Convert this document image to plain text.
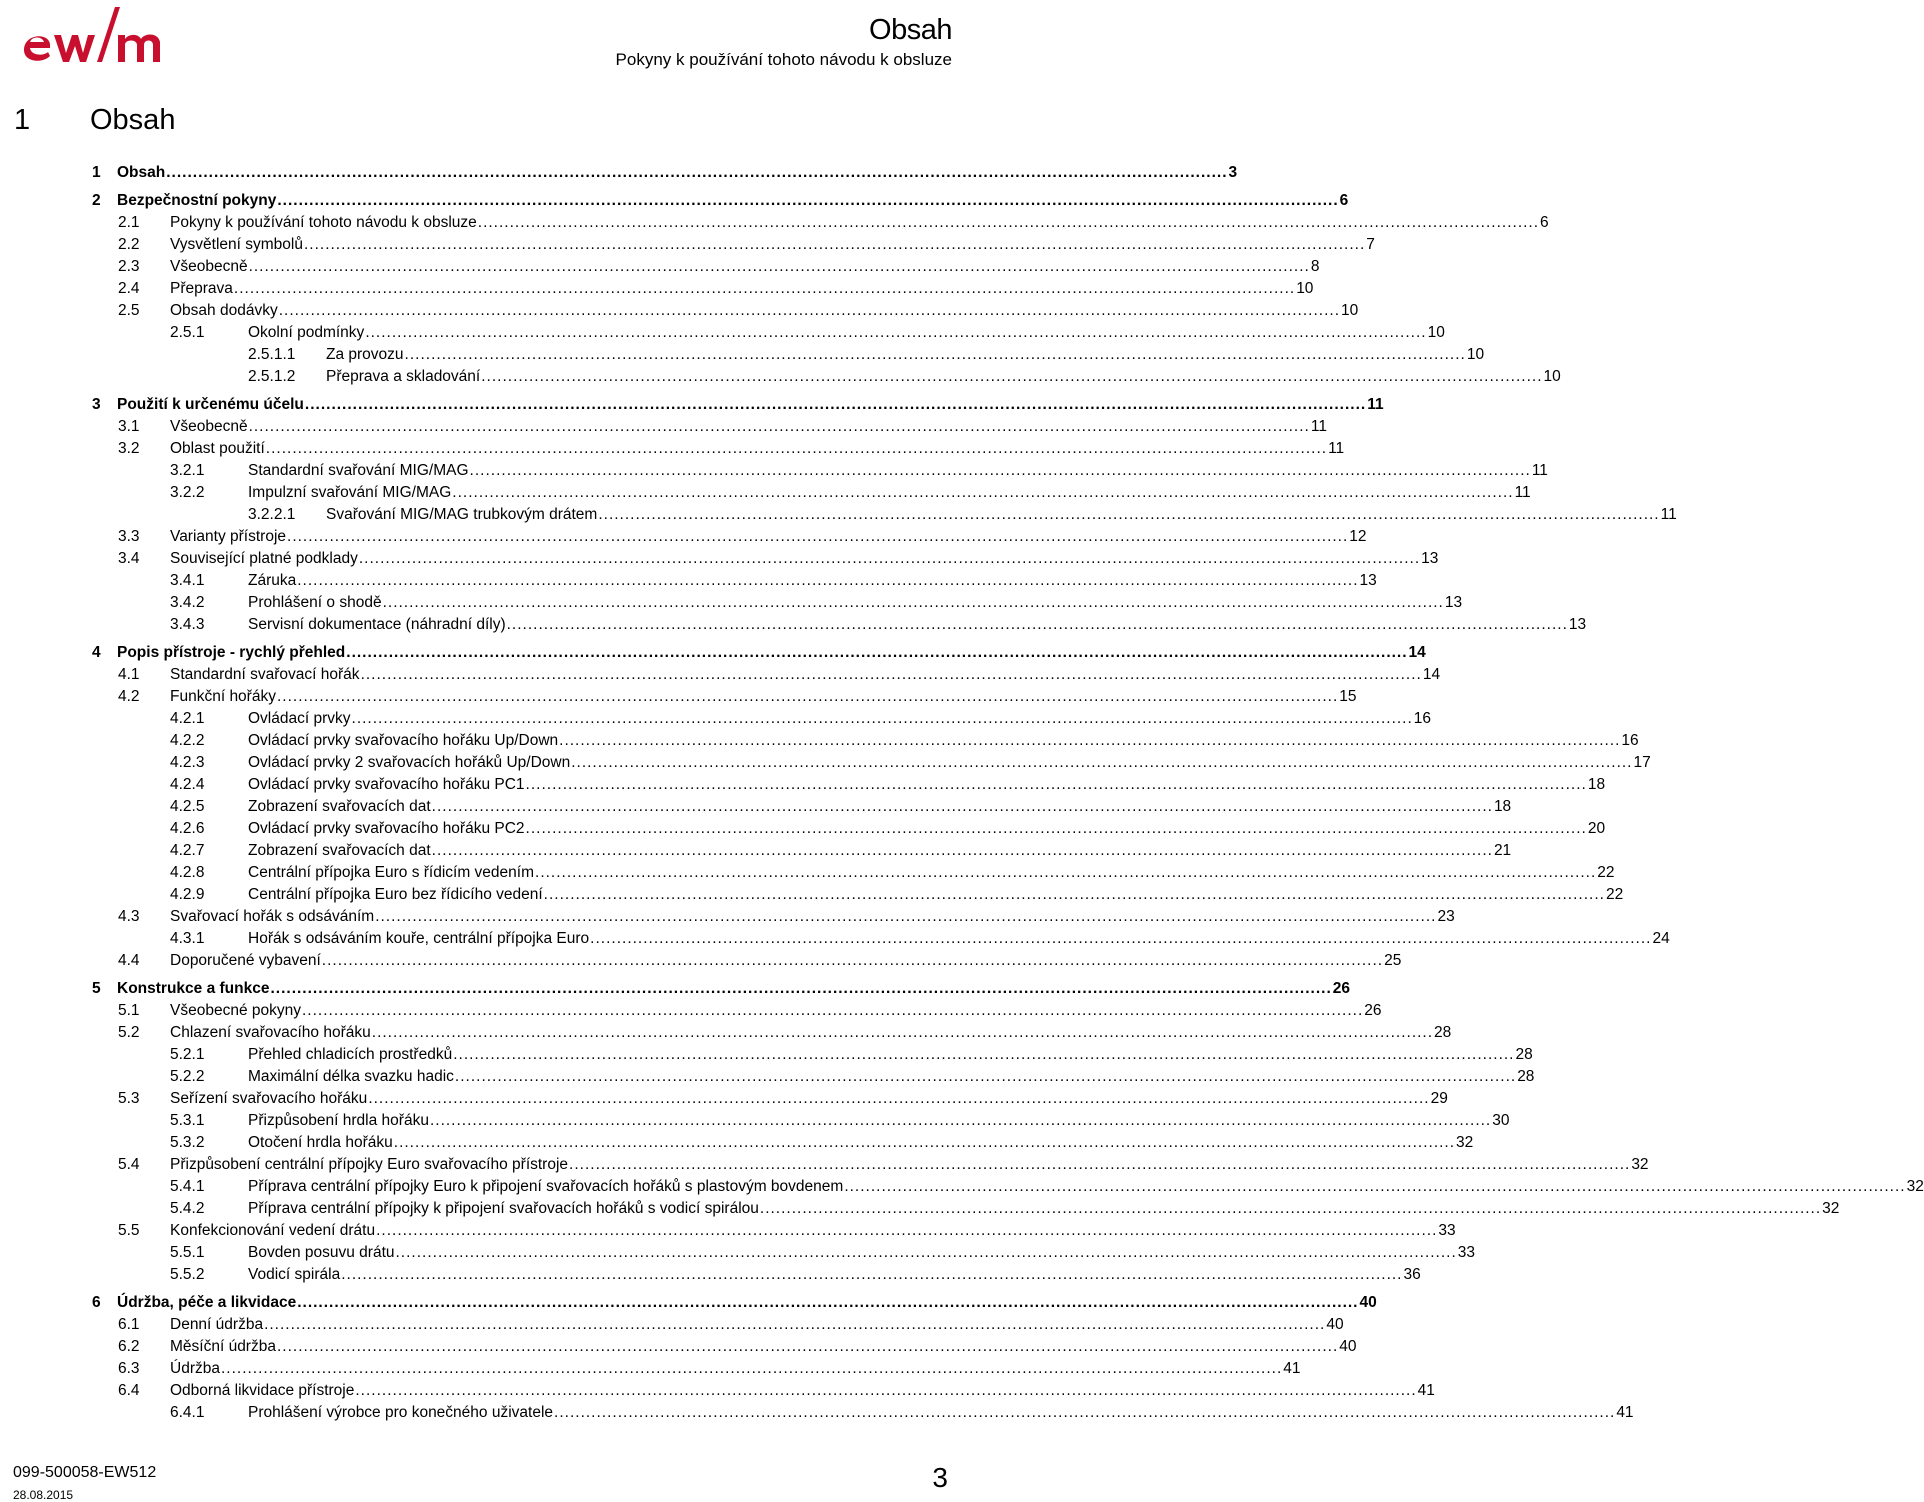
Obsah
Pokyny k používání tohoto návodu k obsluze
1 Obsah
1 Obsah ........................................................................................................................................................................................................ 3
2 Bezpečnostní pokyny ........................................................................................................................................................................................................ 6
2.1 Pokyny k používání tohoto návodu k obsluze ........................................................................................................................................................................................................ 6
2.2 Vysvětlení symbolů ........................................................................................................................................................................................................ 7
2.3 Všeobecně ........................................................................................................................................................................................................ 8
2.4 Přeprava ........................................................................................................................................................................................................ 10
2.5 Obsah dodávky ........................................................................................................................................................................................................ 10
2.5.1	Okolní podmínky ........................................................................................................................................................................................................ 10
2.5.1.1 Za provozu ........................................................................................................................................................................................................ 10
2.5.1.2 Přeprava a skladování ........................................................................................................................................................................................................ 10
3 Použití k určenému účelu ........................................................................................................................................................................................................ 11
3.1 Všeobecně ........................................................................................................................................................................................................ 11
3.2 Oblast použití ........................................................................................................................................................................................................ 11
3.2.1	Standardní svařování MIG/MAG ........................................................................................................................................................................................................ 11
3.2.2	Impulzní svařování MIG/MAG ........................................................................................................................................................................................................ 11
3.2.2.1 Svařování MIG/MAG trubkovým drátem ........................................................................................................................................................................................................ 11
3.3 Varianty přístroje ........................................................................................................................................................................................................ 12
3.4 Související platné podklady ........................................................................................................................................................................................................ 13
3.4.1	Záruka ........................................................................................................................................................................................................ 13
3.4.2	Prohlášení o shodě ........................................................................................................................................................................................................ 13
3.4.3	Servisní dokumentace (náhradní díly) ........................................................................................................................................................................................................ 13
4 Popis přístroje - rychlý přehled ........................................................................................................................................................................................................ 14
4.1 Standardní svařovací hořák ........................................................................................................................................................................................................ 14
4.2 Funkční hořáky ........................................................................................................................................................................................................ 15
4.2.1	Ovládací prvky ........................................................................................................................................................................................................ 16
4.2.2	Ovládací prvky svařovacího hořáku Up/Down ........................................................................................................................................................................................................ 16
4.2.3	Ovládací prvky 2 svařovacích hořáků Up/Down ........................................................................................................................................................................................................ 17
4.2.4	Ovládací prvky svařovacího hořáku PC1 ........................................................................................................................................................................................................ 18
4.2.5	Zobrazení svařovacích dat ........................................................................................................................................................................................................ 18
4.2.6	Ovládací prvky svařovacího hořáku PC2 ........................................................................................................................................................................................................ 20
4.2.7	Zobrazení svařovacích dat ........................................................................................................................................................................................................ 21
4.2.8	Centrální přípojka Euro s řídicím vedením ........................................................................................................................................................................................................ 22
4.2.9	Centrální přípojka Euro bez řídicího vedení ........................................................................................................................................................................................................ 22
4.3 Svařovací hořák s odsáváním ........................................................................................................................................................................................................ 23
4.3.1	Hořák s odsáváním kouře, centrální přípojka Euro ........................................................................................................................................................................................................ 24
4.4 Doporučené vybavení ........................................................................................................................................................................................................ 25
5 Konstrukce a funkce ........................................................................................................................................................................................................ 26
5.1 Všeobecné pokyny ........................................................................................................................................................................................................ 26
5.2 Chlazení svařovacího hořáku ........................................................................................................................................................................................................ 28
5.2.1	Přehled chladicích prostředků ........................................................................................................................................................................................................ 28
5.2.2	Maximální délka svazku hadic ........................................................................................................................................................................................................ 28
5.3 Seřízení svařovacího hořáku ........................................................................................................................................................................................................ 29
5.3.1	Přizpůsobení hrdla hořáku ........................................................................................................................................................................................................ 30
5.3.2	Otočení hrdla hořáku ........................................................................................................................................................................................................ 32
5.4 Přizpůsobení centrální přípojky Euro svařovacího přístroje ........................................................................................................................................................................................................ 32
5.4.1	Příprava centrální přípojky Euro k připojení svařovacích hořáků s plastovým bovdenem ........................................................................................................................................................................................................ 32
5.4.2	Příprava centrální přípojky k připojení svařovacích hořáků s vodicí spirálou ........................................................................................................................................................................................................ 32
5.5 Konfekcionování vedení drátu ........................................................................................................................................................................................................ 33
5.5.1	Bovden posuvu drátu ........................................................................................................................................................................................................ 33
5.5.2	Vodicí spirála ........................................................................................................................................................................................................ 36
6 Údržba, péče a likvidace ........................................................................................................................................................................................................ 40
6.1 Denní údržba ........................................................................................................................................................................................................ 40
6.2 Měsíční údržba ........................................................................................................................................................................................................ 40
6.3 Údržba ........................................................................................................................................................................................................ 41
6.4 Odborná likvidace přístroje ........................................................................................................................................................................................................ 41
6.4.1	Prohlášení výrobce pro konečného uživatele ........................................................................................................................................................................................................ 41
099-500058-EW512
28.08.2015
3
